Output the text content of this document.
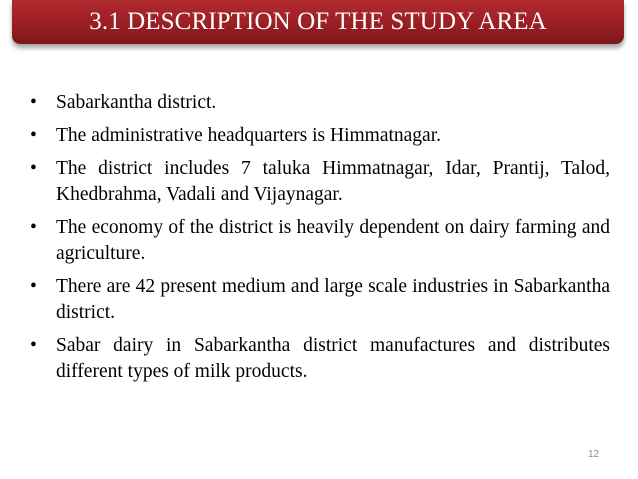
3.1 DESCRIPTION OF THE STUDY AREA
• Sabarkantha district.
• The administrative headquarters is Himmatnagar.
• The district includes 7 taluka Himmatnagar, Idar, Prantij, Talod, Khedbrahma, Vadali and Vijaynagar.
• The economy of the district is heavily dependent on dairy farming and agriculture.
• There are 42 present medium and large scale industries in Sabarkantha district.
• Sabar dairy in Sabarkantha district manufactures and distributes different types of milk products.
12
